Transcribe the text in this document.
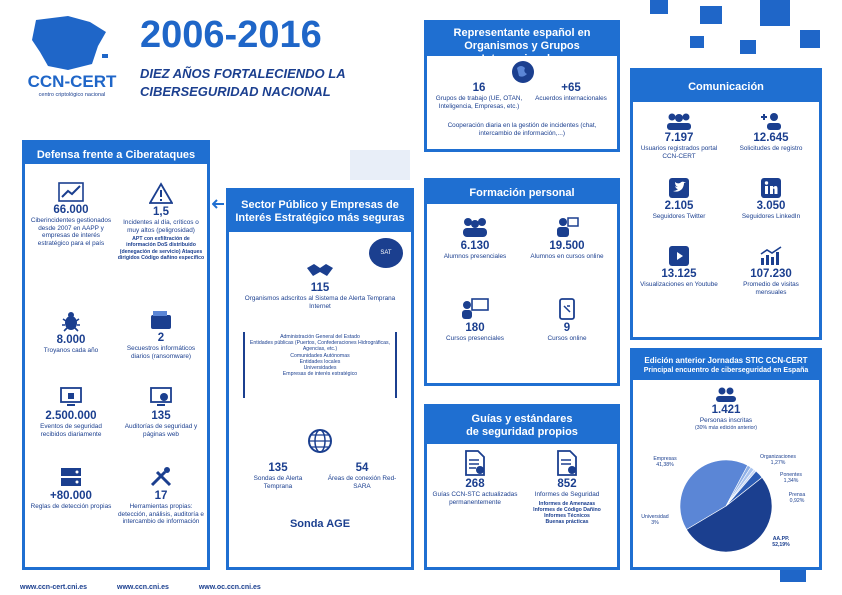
CCN-CERT
centro criptológico nacional
2006-2016
DIEZ AÑOS FORTALECIENDO LA
CIBERSEGURIDAD NACIONAL
Defensa frente a Ciberataques
66.000
Ciberincidentes gestionados desde 2007 en AAPP y empresas de interés estratégico para el país
1,5
Incidentes al día, críticos o muy altos (peligrosidad)
APT con exfiltración de información DoS distribuido (denegación de servicio) Ataques dirigidos Código dañino específico
8.000
Troyanos cada año
2
Secuestros informáticos diarios (ransomware)
2.500.000
Eventos de seguridad recibidos diariamente
135
Auditorías de seguridad y páginas web
+80.000
Reglas de detección propias
17
Herramientas propias: detección, análisis, auditoría e intercambio de información
Sector Público y Empresas de
Interés Estratégico más seguras
SAT
115
Organismos adscritos al Sistema de Alerta Temprana Internet
Administración General del Estado
Entidades públicas (Puertos, Confederaciones Hidrográficas, Agencias, etc.)
Comunidades Autónomas
Entidades locales
Universidades
Empresas de interés estratégico
135
Sondas de Alerta Temprana
54
Áreas de conexión Red-SARA
Sonda AGE
Representante español en
Organismos y Grupos
16
Grupos de trabajo (UE, OTAN, Inteligencia, Empresas, etc.)
+65
Acuerdos internacionales
Cooperación diaria en la gestión de incidentes (chat, intercambio de información,...)
Formación personal
6.130
Alumnos presenciales
19.500
Alumnos en cursos online
180
Cursos presenciales
9
Cursos online
Guías y estándares
de seguridad propios
268
Guías CCN-STC actualizadas permanentemente
852
Informes de Seguridad
Informes de Amenazas
Informes de Código Dañino
Informes Técnicos
Buenas prácticas
Comunicación
7.197
Usuarios registrados portal CCN-CERT
12.645
Solicitudes de registro
2.105
Seguidores Twitter
3.050
Seguidores LinkedIn
13.125
Visualizaciones en Youtube
107.230
Promedio de visitas mensuales
Edición anterior Jornadas STIC CCN-CERT
Principal encuentro de ciberseguridad en España
1.421
Personas inscritas
(30% más edición anterior)
Empresas
41,38%
Organizaciones
1,27%
Ponentes
1,34%
Prensa
0,92%
Universidad
3%
AA.PP.
52,19%
www.ccn-cert.cni.es	www.ccn.cni.es	www.oc.ccn.cni.es
